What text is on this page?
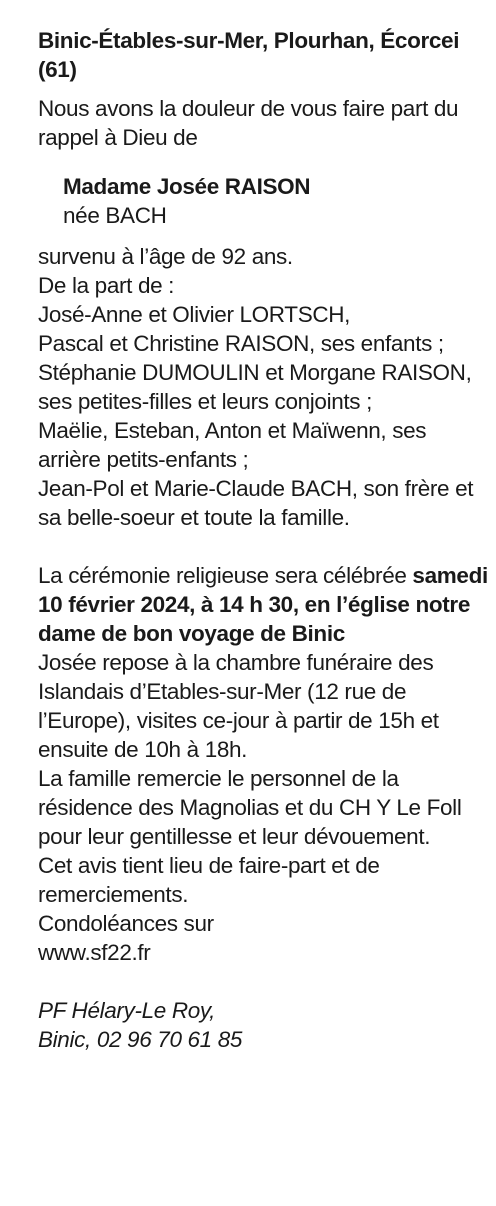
Binic-Étables-sur-Mer, Plourhan, Écorcei (61)

Nous avons la douleur de vous faire part du rappel à Dieu de

Madame Josée RAISON
née BACH

survenu à l’âge de 92 ans.

De la part de :

José-Anne et Olivier LORTSCH,

Pascal et Christine RAISON, ses enfants ;

Stéphanie DUMOULIN et Morgane RAISON, ses petites-filles et leurs conjoints ;

Maëlie, Esteban, Anton et Maïwenn, ses arrière petits-enfants ;

Jean-Pol et Marie-Claude BACH, son frère et sa belle-soeur et toute la famille.

La cérémonie religieuse sera célébrée samedi 10 février 2024, à 14 h 30, en l’église notre dame de bon voyage de Binic

Josée repose à la chambre funéraire des Islandais d’Etables-sur-Mer (12 rue de l’Europe), visites ce-jour à partir de 15h et ensuite de 10h à 18h.

La famille remercie le personnel de la résidence des Magnolias et du CH Y Le Foll pour leur gentillesse et leur dévouement.

Cet avis tient lieu de faire-part et de remerciements.

Condoléances sur

www.sf22.fr

PF Hélary-Le Roy,
Binic, 02 96 70 61 85
